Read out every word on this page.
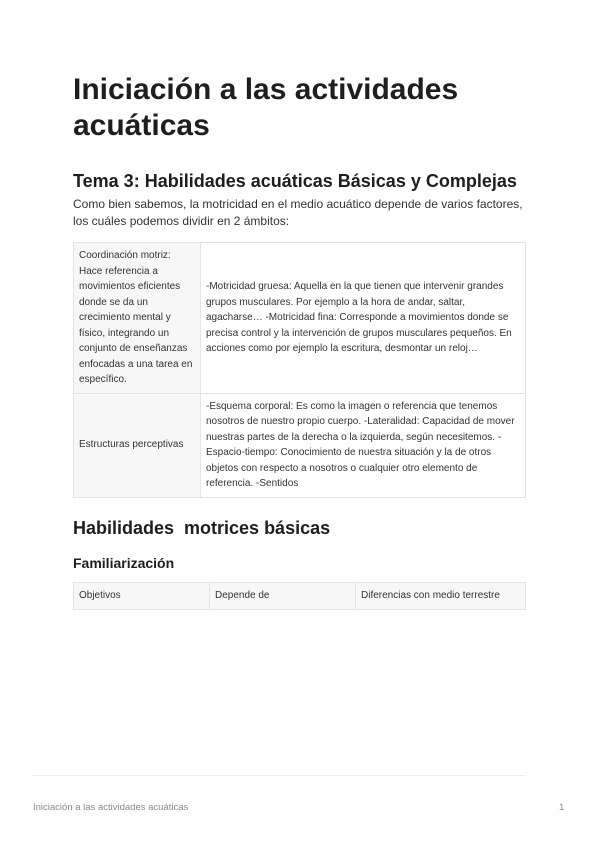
Iniciación a las actividades acuáticas
Tema 3: Habilidades acuáticas Básicas y Complejas

Como bien sabemos, la motricidad en el medio acuático depende de varios factores, los cuáles podemos dividir en 2 ámbitos:

Coordinación motriz: Hace referencia a movimientos eficientes donde se da un crecimiento mental y físico, integrando un conjunto de enseñanzas enfocadas a una tarea en específico.	-Motricidad gruesa: Aquella en la que tienen que intervenir grandes grupos musculares. Por ejemplo a la hora de andar, saltar, agacharse… -Motricidad fina: Corresponde a movimientos donde se precisa control y la intervención de grupos musculares pequeños. En acciones como por ejemplo la escritura, desmontar un reloj…
Estructuras perceptivas	-Esquema corporal: Es como la imagen o referencia que tenemos nosotros de nuestro propio cuerpo. -Lateralidad: Capacidad de mover nuestras partes de la derecha o la izquierda, según necesitemos. -Espacio-tiempo: Conocimiento de nuestra situación y la de otros objetos con respecto a nosotros o cualquier otro elemento de referencia. -Sentidos
Habilidades  motrices básicas
Familiarización
Objetivos	Depende de	Diferencias con medio terrestre
Iniciación a las actividades acuáticas	1
